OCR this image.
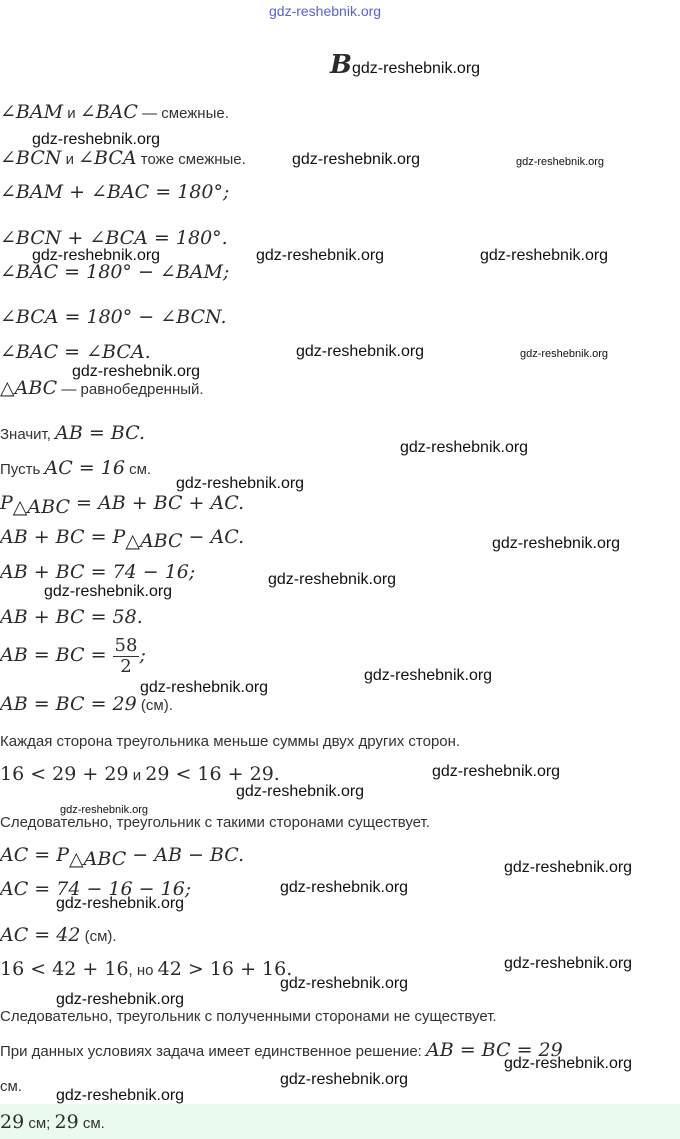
gdz-reshebnik.org
Bgdz-reshebnik.org
∠BAM и ∠BAC — смежные.
∠BCN и ∠BCA тоже смежные.
∠BAM + ∠BAC = 180°;
∠BCN + ∠BCA = 180°.
∠BAC = 180° − ∠BAM;
∠BCA = 180° − ∠BCN.
∠BAC = ∠BCA.
△ABC — равнобедренный.
Значит, AB = BC.
Пусть AC = 16 см.
$P_{\triangle ABC}$ = AB + BC + AC.
AB + BC = $P_{\triangle ABC}$ − AC.
AB + BC = 74 − 16;
AB + BC = 58.
AB = BC = $\frac{58}{2}$ ;
AB = BC = 29 (см).
Каждая сторона треугольника меньше суммы двух других сторон.
16 < 29 + 29 и 29 < 16 + 29.
Следовательно, треугольник с такими сторонами существует.
AC = $P_{\triangle ABC}$ − AB − BC.
AC = 74 − 16 − 16;
AC = 42 (см).
16 < 42 + 16, но 42 > 16 + 16.
Следовательно, треугольник с полученными сторонами не существует.
При данных условиях задача имеет единственное решение: AB = BC = 29
см.
29 см; 29 см.
gdz-reshebnik.org
gdz-reshebnik.org	gdz-reshebnik.org
gdz-reshebnik.org	gdz-reshebnik.org	gdz-reshebnik.org
gdz-reshebnik.org	gdz-reshebnik.org
gdz-reshebnik.org
gdz-reshebnik.org
gdz-reshebnik.org
gdz-reshebnik.org
gdz-reshebnik.org
gdz-reshebnik.org
gdz-reshebnik.org
gdz-reshebnik.org
gdz-reshebnik.org
gdz-reshebnik.org
gdz-reshebnik.org
gdz-reshebnik.org
gdz-reshebnik.org
gdz-reshebnik.org
gdz-reshebnik.org
gdz-reshebnik.org
gdz-reshebnik.org
gdz-reshebnik.org
gdz-reshebnik.org
gdz-reshebnik.org
